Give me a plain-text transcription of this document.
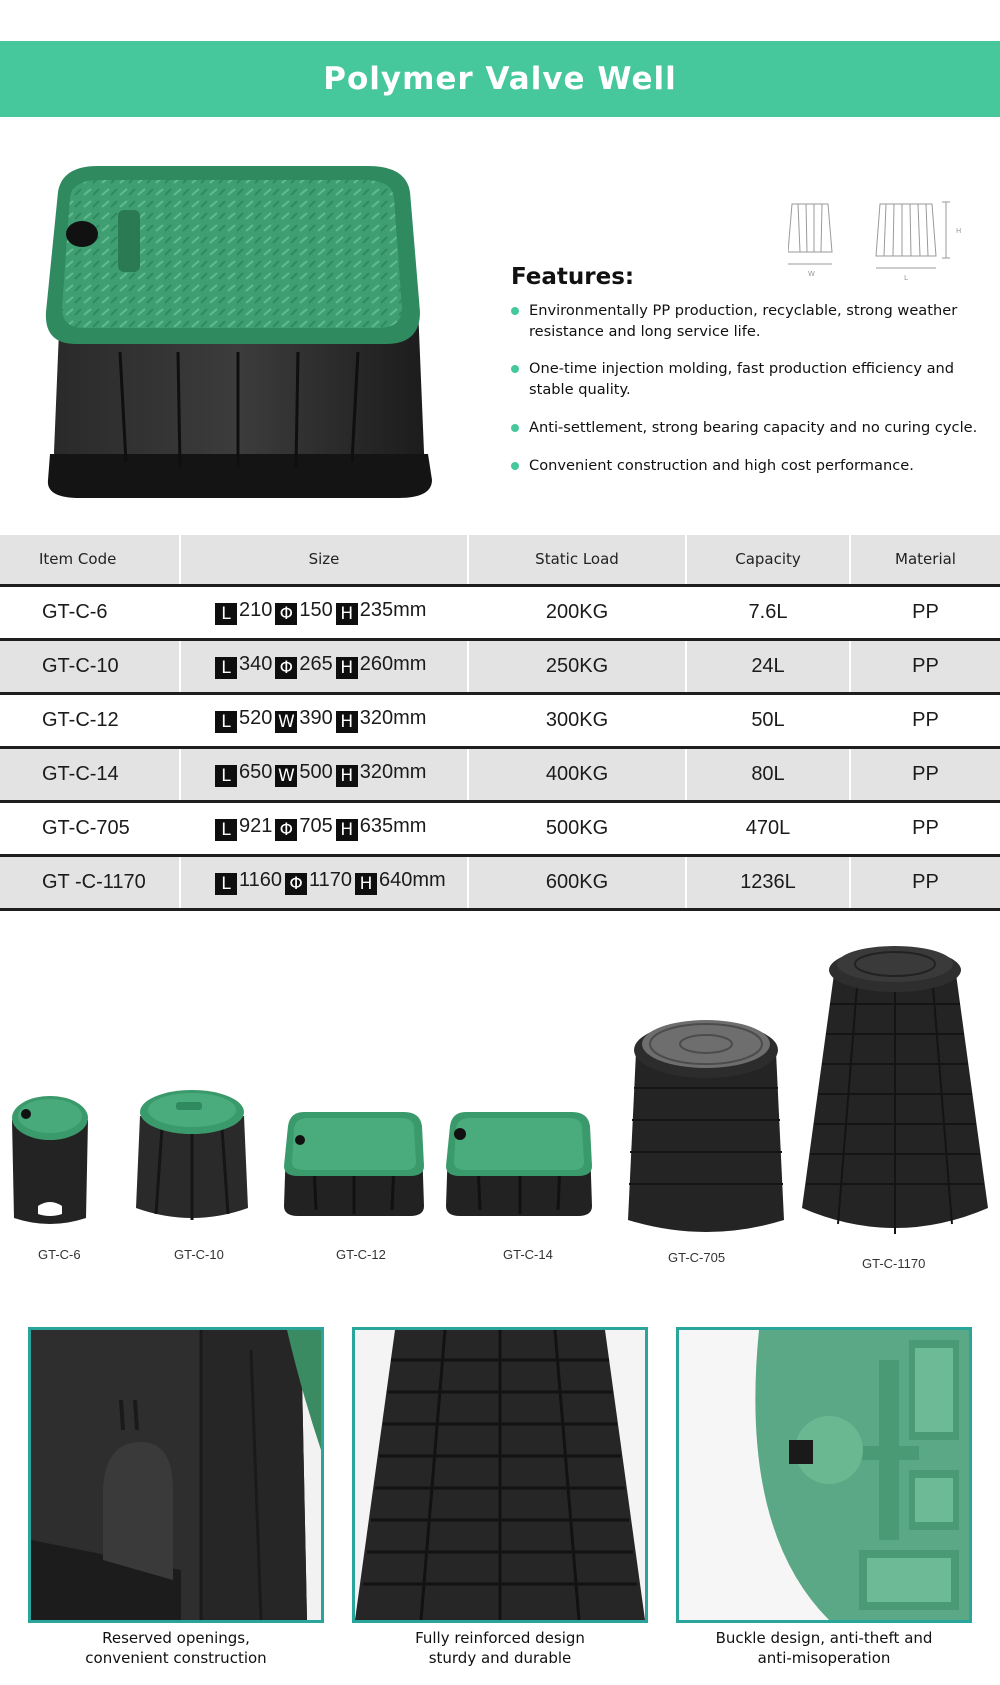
Polymer Valve Well
W	L
H
Features:
Environmentally PP production, recyclable, strong weather resistance and long service life.
One-time injection molding, fast production efficiency and stable quality.
Anti-settlement, strong bearing capacity and no curing cycle.
Convenient construction and high cost performance.
Item Code	Size	Static Load	Capacity	Material
GT-C-6	L 210 Φ 150 H 235mm	200KG	7.6L	PP
GT-C-10	L 340 Φ 265 H 260mm	250KG	24L	PP
GT-C-12	L 520 W 390 H 320mm	300KG	50L	PP
GT-C-14	L 650 W 500 H 320mm	400KG	80L	PP
GT-C-705	L 921 Φ 705 H 635mm	500KG	470L	PP
GT -C-1170	L 1160 Φ 1170 H 640mm	600KG	1236L	PP
GT-C-6	GT-C-10	GT-C-12	GT-C-14	GT-C-705	GT-C-1170
Reserved openings,
convenient construction
Fully reinforced design
sturdy and durable
Buckle design, anti-theft and
anti-misoperation
